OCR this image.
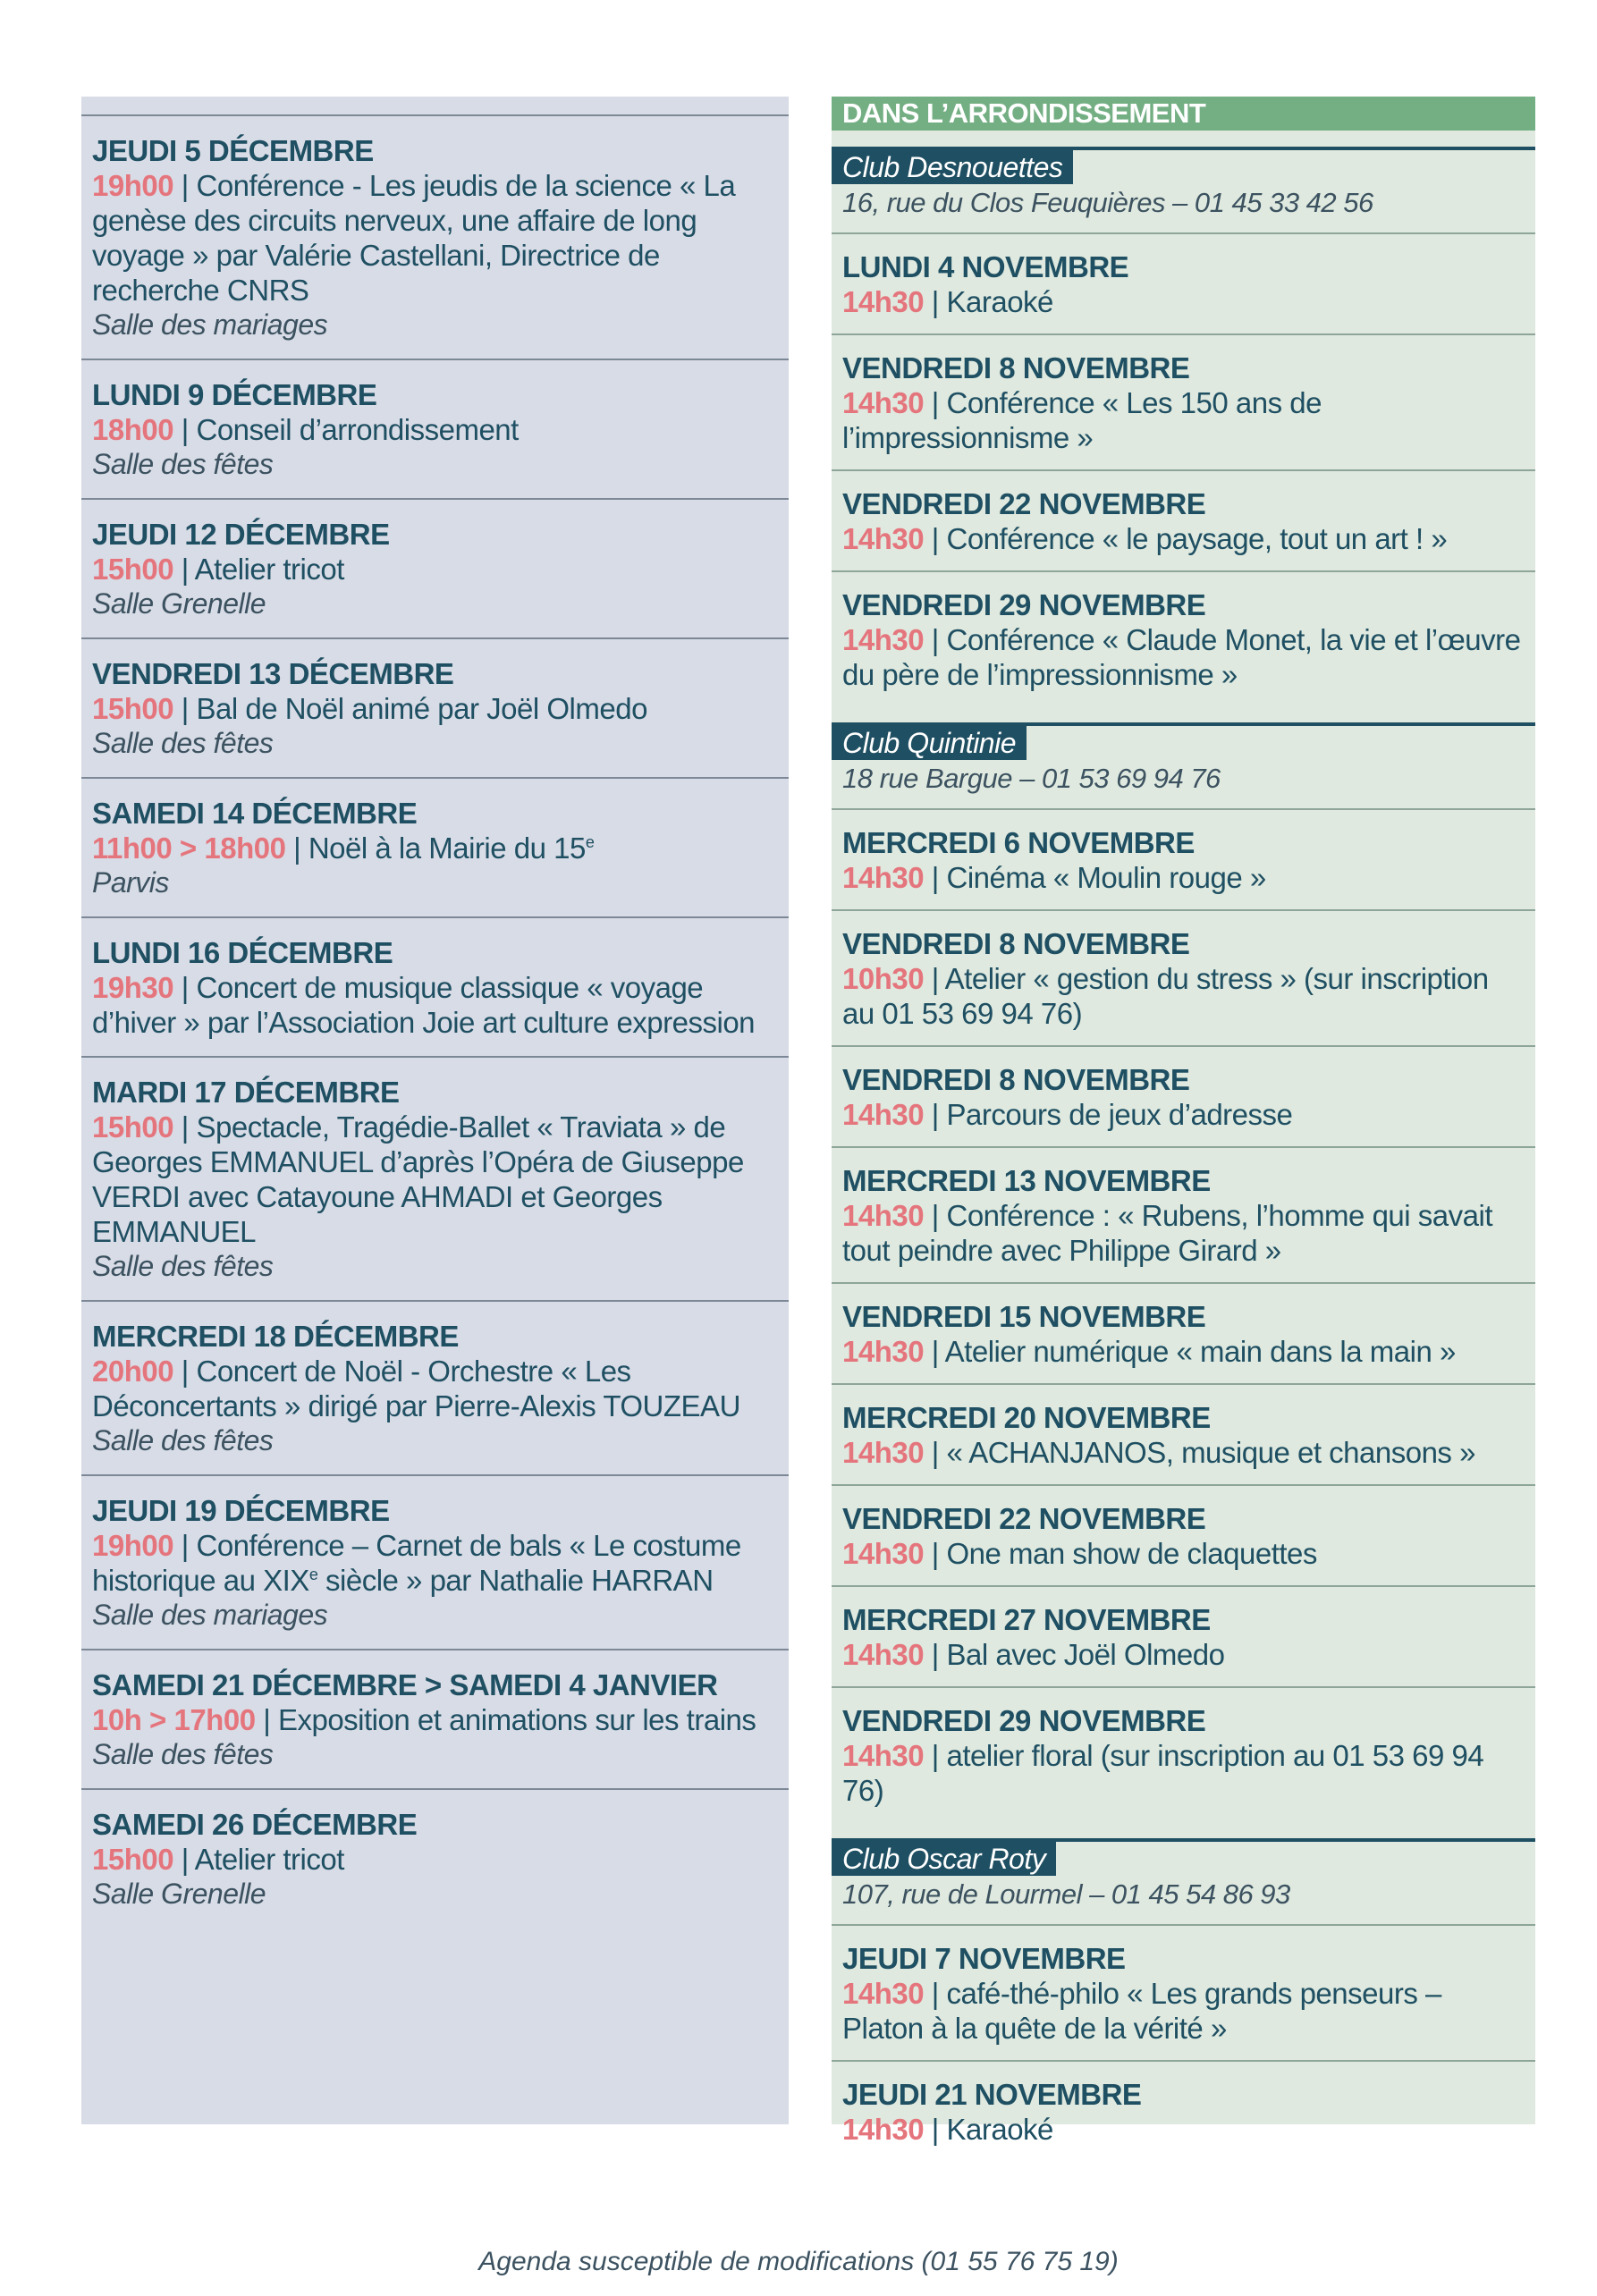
JEUDI 5 DÉCEMBRE
19h00 | Conférence - Les jeudis de la science « La genèse des circuits nerveux, une affaire de long voyage » par Valérie Castellani, Directrice de recherche CNRS
Salle des mariages
LUNDI 9 DÉCEMBRE
18h00 | Conseil d’arrondissement
Salle des fêtes
JEUDI 12 DÉCEMBRE
15h00 | Atelier tricot
Salle Grenelle
VENDREDI 13 DÉCEMBRE
15h00 | Bal de Noël animé par Joël Olmedo
Salle des fêtes
SAMEDI 14 DÉCEMBRE
11h00 > 18h00 | Noël à la Mairie du 15e
Parvis
LUNDI 16 DÉCEMBRE
19h30 | Concert de musique classique « voyage d’hiver » par l’Association Joie art culture expression
MARDI 17 DÉCEMBRE
15h00 | Spectacle, Tragédie-Ballet « Traviata » de Georges EMMANUEL d’après l’Opéra de Giuseppe VERDI avec Catayoune AHMADI et Georges EMMANUEL
Salle des fêtes
MERCREDI 18 DÉCEMBRE
20h00 | Concert de Noël - Orchestre « Les Déconcertants » dirigé par Pierre-Alexis TOUZEAU
Salle des fêtes
JEUDI 19 DÉCEMBRE
19h00 | Conférence – Carnet de bals « Le costume historique au XIXe siècle » par Nathalie HARRAN
Salle des mariages
SAMEDI 21 DÉCEMBRE > SAMEDI 4 JANVIER
10h > 17h00 | Exposition et animations sur les trains
Salle des fêtes
SAMEDI 26 DÉCEMBRE
15h00 | Atelier tricot
Salle Grenelle
DANS L’ARRONDISSEMENT
Club Desnouettes
16, rue du Clos Feuquières – 01 45 33 42 56
LUNDI 4 NOVEMBRE
14h30 | Karaoké
VENDREDI 8 NOVEMBRE
14h30 | Conférence « Les 150 ans de l’impressionnisme »
VENDREDI 22 NOVEMBRE
14h30 | Conférence « le paysage, tout un art ! »
VENDREDI 29 NOVEMBRE
14h30 | Conférence « Claude Monet, la vie et l’œuvre du père de l’impressionnisme »
Club Quintinie
18 rue Bargue – 01 53 69 94 76
MERCREDI 6 NOVEMBRE
14h30 | Cinéma « Moulin rouge »
VENDREDI 8 NOVEMBRE
10h30 | Atelier « gestion du stress » (sur inscription au 01 53 69 94 76)
VENDREDI 8 NOVEMBRE
14h30 | Parcours de jeux d’adresse
MERCREDI 13 NOVEMBRE
14h30 | Conférence : « Rubens, l’homme qui savait tout peindre avec Philippe Girard »
VENDREDI 15 NOVEMBRE
14h30 | Atelier numérique « main dans la main »
MERCREDI 20 NOVEMBRE
14h30 | « ACHANJANOS, musique et chansons »
VENDREDI 22 NOVEMBRE
14h30 | One man show de claquettes
MERCREDI 27 NOVEMBRE
14h30 | Bal avec Joël Olmedo
VENDREDI 29 NOVEMBRE
14h30 | atelier floral (sur inscription au 01 53 69 94 76)
Club Oscar Roty
107, rue de Lourmel – 01 45 54 86 93
JEUDI 7 NOVEMBRE
14h30 | café-thé-philo « Les grands penseurs – Platon à la quête de la vérité »
JEUDI 21 NOVEMBRE
14h30 | Karaoké
Agenda susceptible de modifications (01 55 76 75 19)
